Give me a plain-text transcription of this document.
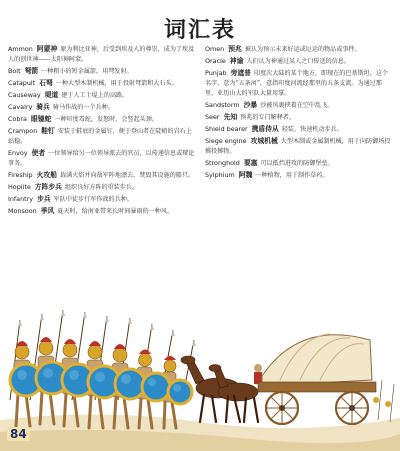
词汇表
Ammon 阿蒙神 原为利比亚神，后受到埃及人的尊崇，成为了埃及人的创世神——太阳神阿蒙。
Bolt 弩箭 一种粗小的短金属箭，用弩发射。
Catapult 石弩 一种大型木制机械，用于投射弩箭和大石头。
Causeway 堤道 建于人工土堤上的高路。
Cavalry 骑兵 骑马作战的一个兵种。
Cobra 眼镜蛇 一种印度毒蛇，发怒时，会竖起头颈。
Crampon 鞋钉 安装于鞋底的金属钉，便于登山者在陡峭的岩石上站稳。
Envoy 使者 一位领导给另一位领导派去的官员，以传递信息或辩论事务。
Fireship 火攻船 载满火焰并向敌军阵地漂去、焚毁其设施的船只。
Hoplite 方阵步兵 组织良好方阵的重装步兵。
Infantry 步兵 军队中徒步行军作战的兵种。
Monsoon 季风 夏天时，给南亚带来长时间暴雨的一种风。
Omen 预兆 被认为预示未来好运或厄运的物品或事件。
Oracle 神谕 人们认为神通过某人之口传送的信息。
Punjab 旁遮普 印度次大陆的某个地方，即现在的巴基斯坦。这个名字，意为“五条河”，意指印度河流经那里的五条支流。为通过那里，亚历山大的军队大量用掌。
Sandstorm 沙暴 沙被风裹挟着在空中乱飞。
Seer 先知 预兆的专门解释者。
Shield bearer 携盾侍从 轻装、快速机动步兵。
Siege engine 攻城机械 大型木制或金属制机械，用于向防御场投掷投掷物。
Stronghold 要塞 可以抵挡进攻的防御堡垒。
Sylphium 阿魏 一种植物，用于制作草药。
84
